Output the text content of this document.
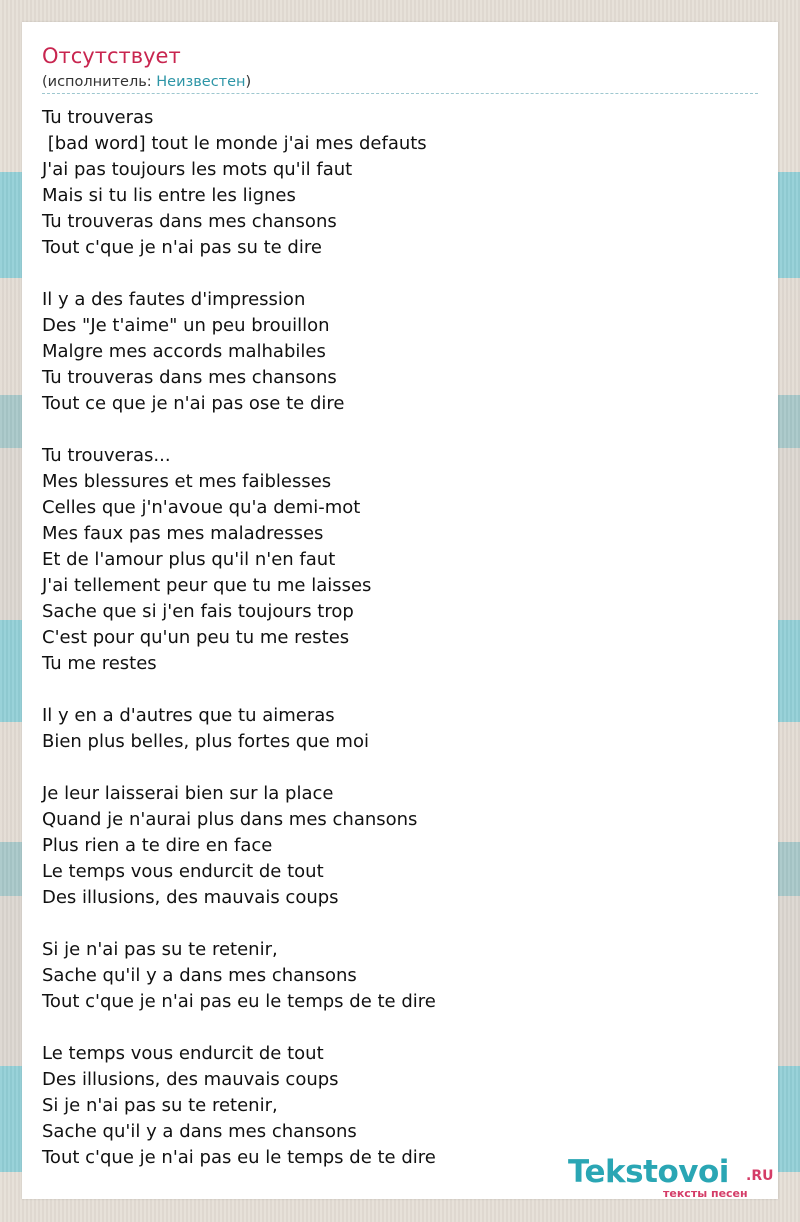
Отсутствует
(исполнитель: Неизвестен)
Tu trouveras
[bad word] tout le monde j'ai mes defauts
J'ai pas toujours les mots qu'il faut
Mais si tu lis entre les lignes
Tu trouveras dans mes chansons
Tout c'que je n'ai pas su te dire
Il y a des fautes d'impression
Des "Je t'aime" un peu brouillon
Malgre mes accords malhabiles
Tu trouveras dans mes chansons
Tout ce que je n'ai pas ose te dire
Tu trouveras...
Mes blessures et mes faiblesses
Celles que j'n'avoue qu'a demi-mot
Mes faux pas mes maladresses
Et de l'amour plus qu'il n'en faut
J'ai tellement peur que tu me laisses
Sache que si j'en fais toujours trop
C'est pour qu'un peu tu me restes
Tu me restes
Il y en a d'autres que tu aimeras
Bien plus belles, plus fortes que moi
Je leur laisserai bien sur la place
Quand je n'aurai plus dans mes chansons
Plus rien a te dire en face
Le temps vous endurcit de tout
Des illusions, des mauvais coups
Si je n'ai pas su te retenir,
Sache qu'il y a dans mes chansons
Tout c'que je n'ai pas eu le temps de te dire
Le temps vous endurcit de tout
Des illusions, des mauvais coups
Si je n'ai pas su te retenir,
Sache qu'il y a dans mes chansons
Tout c'que je n'ai pas eu le temps de te dire	Tekstovoi .RU
тексты песен
